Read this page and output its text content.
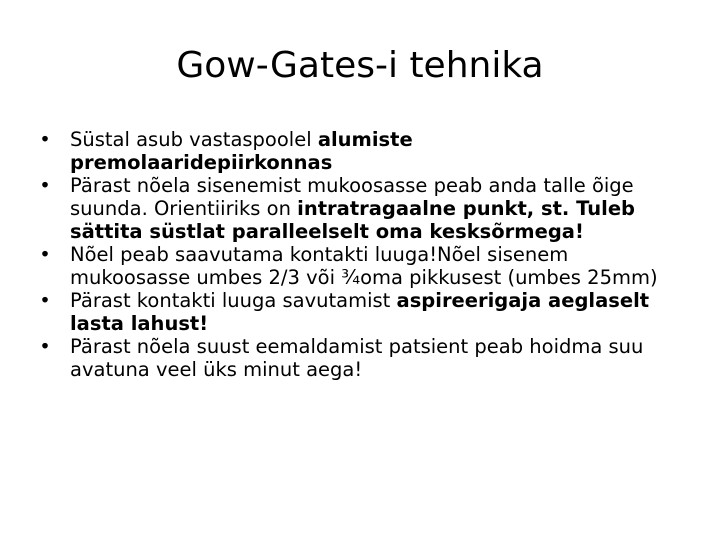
Gow-Gates-i tehnika
• Süstal asub vastaspoolel alumiste premolaaridepiirkonnas
• Pärast nõela sisenemist mukoosasse peab anda talle õige suunda. Orientiiriks on intratragaalne punkt, st. Tuleb sättita süstlat paralleelselt oma kesksõrmega!
• Nõel peab saavutama kontakti luuga!Nõel sisenem mukoosasse umbes 2/3 või ¾oma pikkusest (umbes 25mm)
• Pärast kontakti luuga savutamist aspireerigaja aeglaselt lasta lahust!
• Pärast nõela suust eemaldamist patsient peab hoidma suu avatuna veel üks minut aega!
